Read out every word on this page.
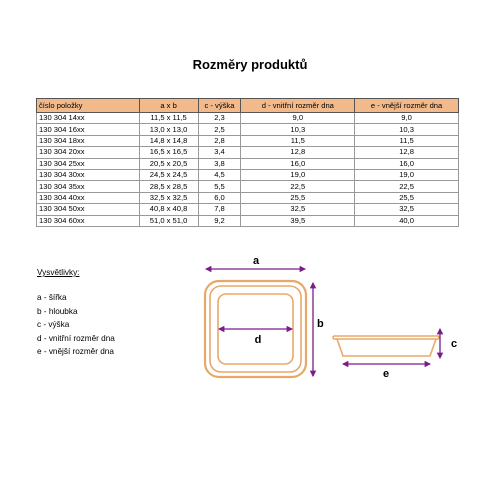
Rozměry produktů
číslo položky	a x b	c - výška	d - vnitřní rozměr dna	e - vnější rozměr dna
130 304 14xx	11,5 x 11,5	2,3	9,0	9,0
130 304 16xx	13,0 x 13,0	2,5	10,3	10,3
130 304 18xx	14,8 x 14,8	2,8	11,5	11,5
130 304 20xx	16,5 x 16,5	3,4	12,8	12,8
130 304 25xx	20,5 x 20,5	3,8	16,0	16,0
130 304 30xx	24,5 x 24,5	4,5	19,0	19,0
130 304 35xx	28,5 x 28,5	5,5	22,5	22,5
130 304 40xx	32,5 x 32,5	6,0	25,5	25,5
130 304 50xx	40,8 x 40,8	7,8	32,5	32,5
130 304 60xx	51,0 x 51,0	9,2	39,5	40,0
Vysvětlivky:
a - šířka
b - hloubka
c - výška
d - vnitřní rozměr dna
e - vnější rozměr dna
a
b
d	c
e
